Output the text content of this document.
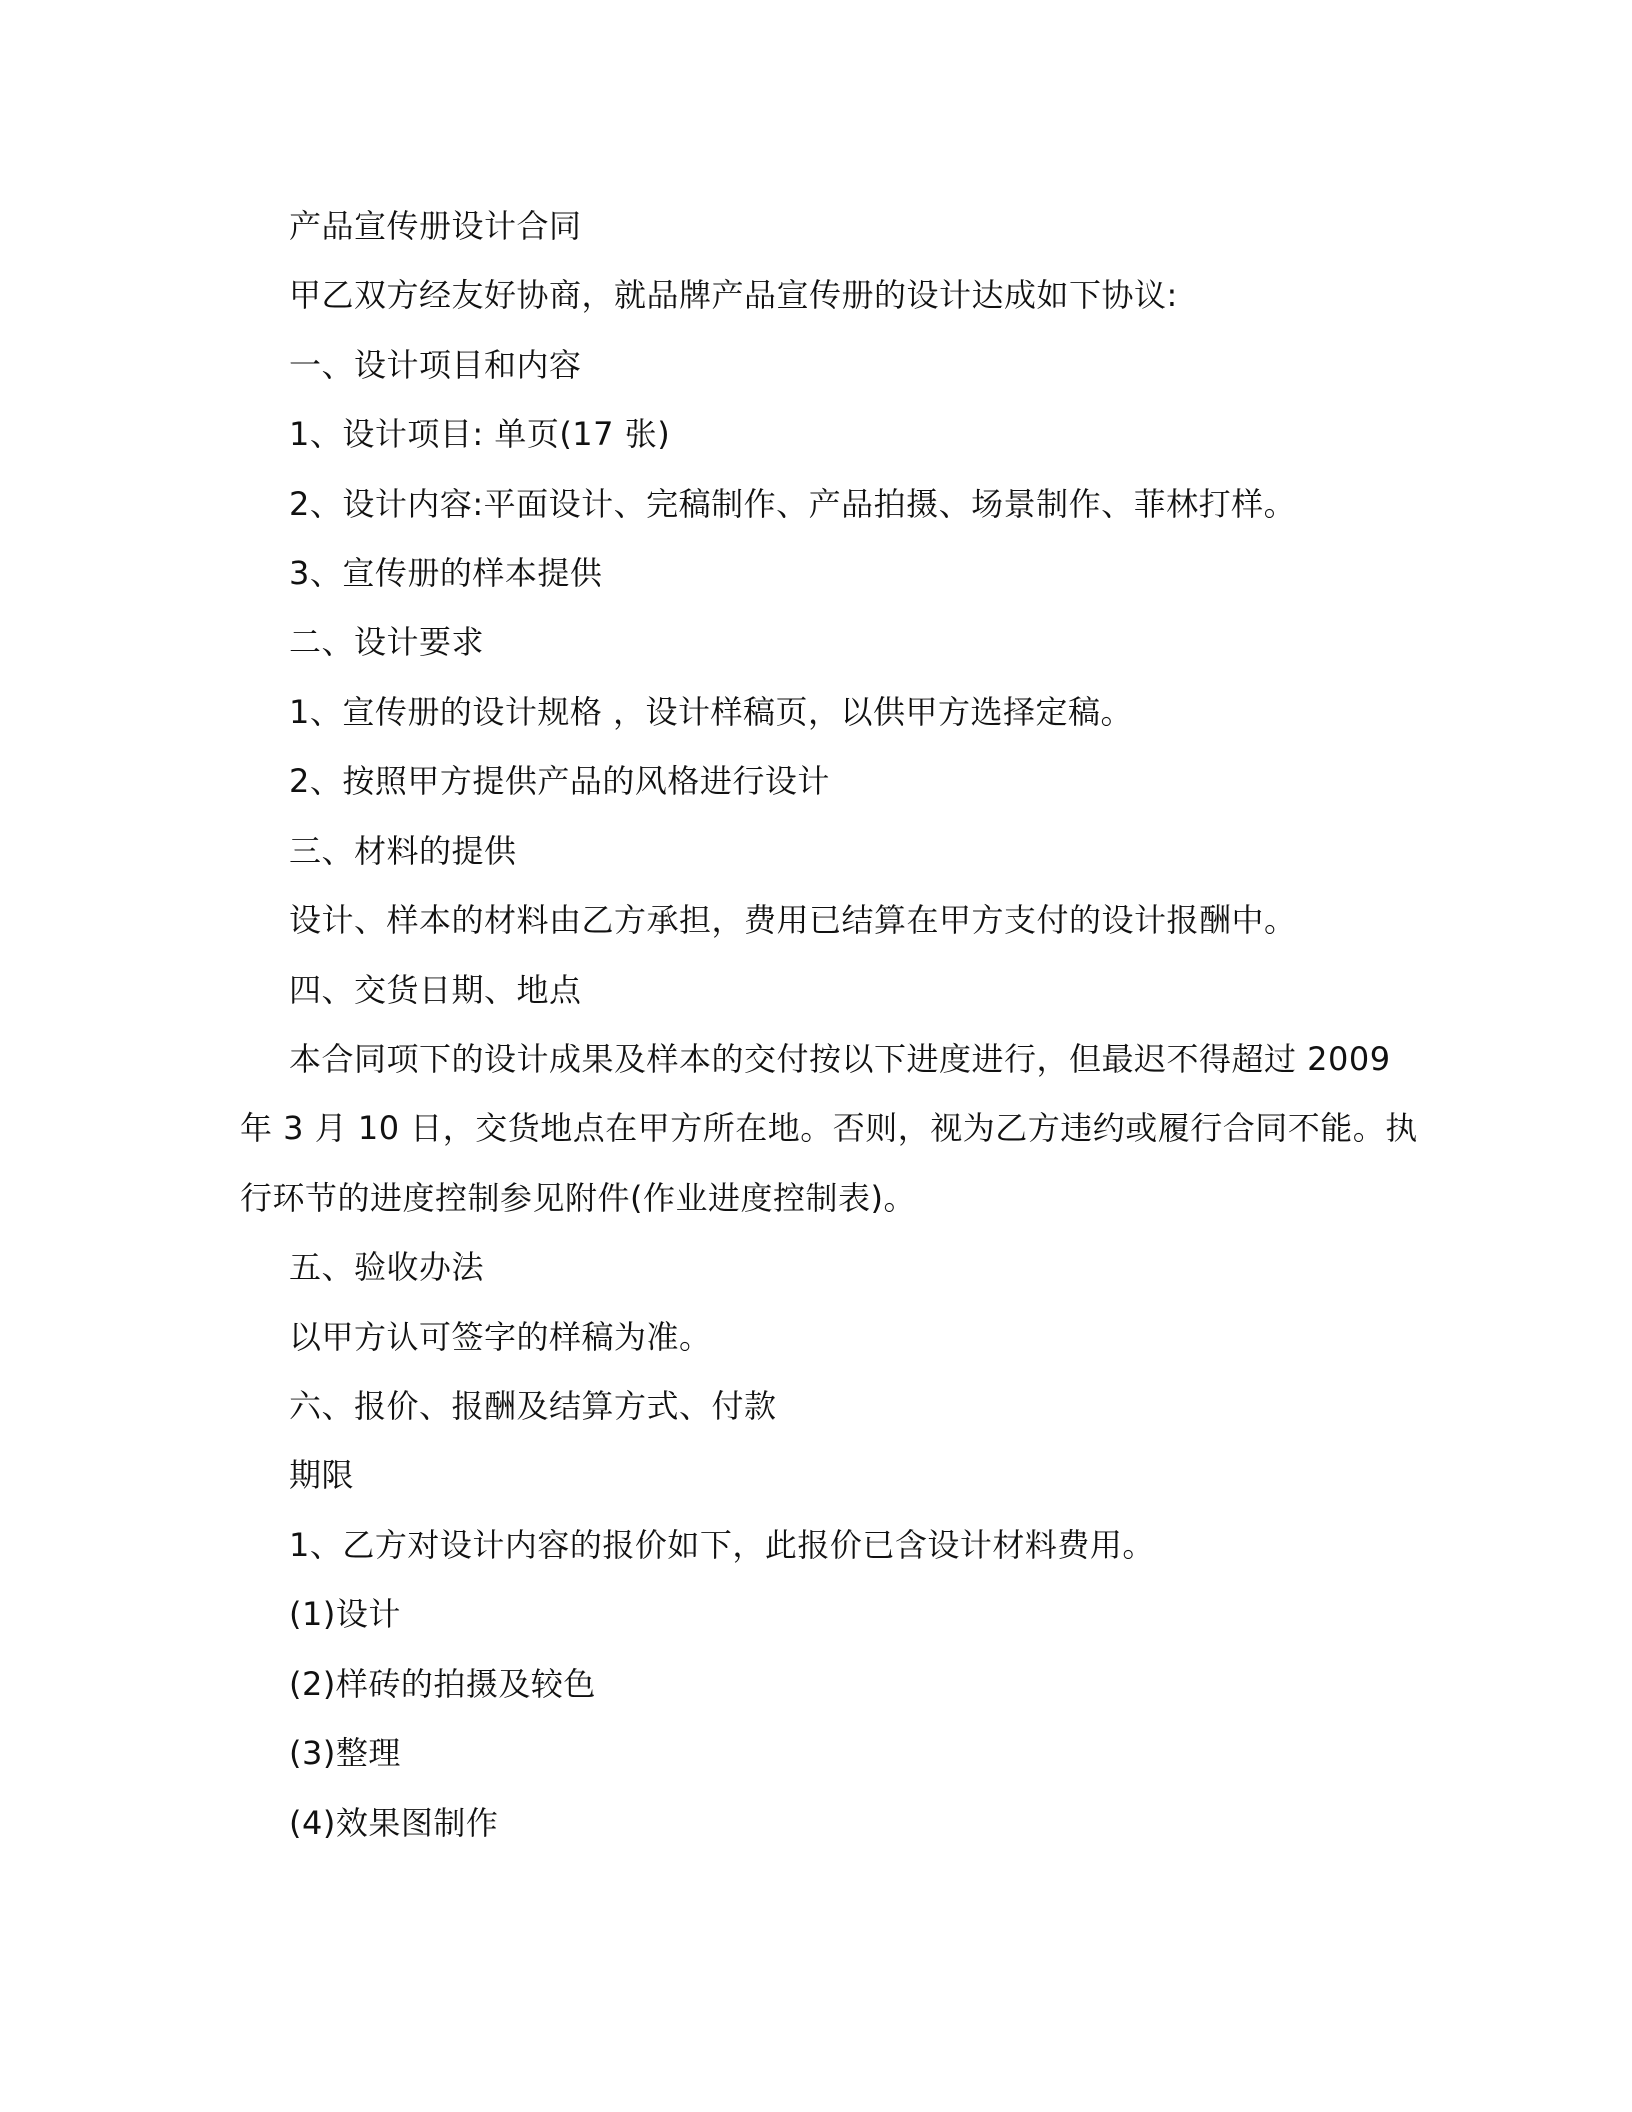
产品宣传册设计合同

甲乙双方经友好协商，就品牌产品宣传册的设计达成如下协议:

一、设计项目和内容

1、设计项目: 单页(17 张)

2、设计内容:平面设计、完稿制作、产品拍摄、场景制作、菲林打样。

3、宣传册的样本提供

二、设计要求

1、宣传册的设计规格 ，设计样稿页，以供甲方选择定稿。

2、按照甲方提供产品的风格进行设计

三、材料的提供

设计、样本的材料由乙方承担，费用已结算在甲方支付的设计报酬中。

四、交货日期、地点

本合同项下的设计成果及样本的交付按以下进度进行，但最迟不得超过 2009

年 3 月 10 日，交货地点在甲方所在地。否则，视为乙方违约或履行合同不能。执

行环节的进度控制参见附件(作业进度控制表)。

五、验收办法

以甲方认可签字的样稿为准。

六、报价、报酬及结算方式、付款

期限

1、乙方对设计内容的报价如下，此报价已含设计材料费用。

(1)设计

(2)样砖的拍摄及较色

(3)整理

(4)效果图制作
